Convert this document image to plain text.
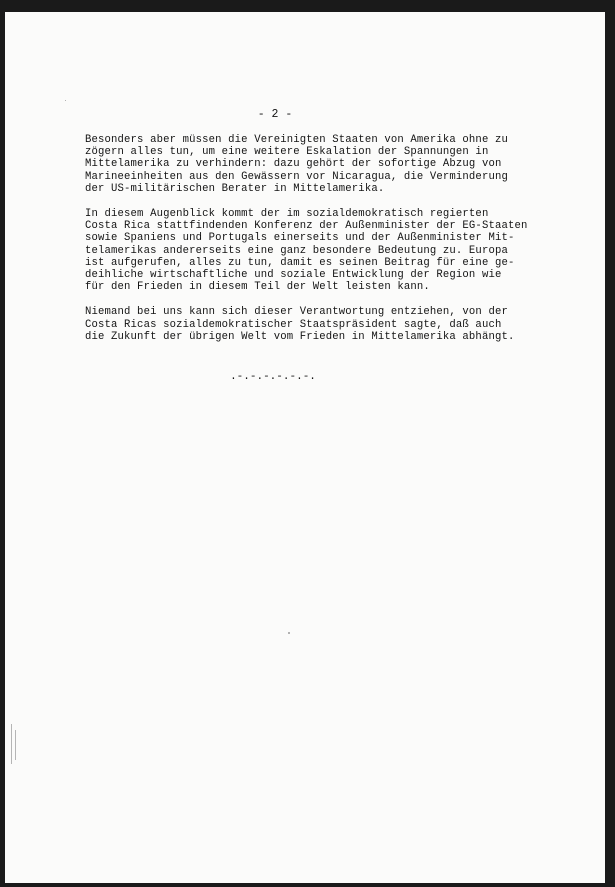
- 2 -

Besonders aber müssen die Vereinigten Staaten von Amerika ohne zu
zögern alles tun, um eine weitere Eskalation der Spannungen in
Mittelamerika zu verhindern: dazu gehört der sofortige Abzug von
Marineeinheiten aus den Gewässern vor Nicaragua, die Verminderung
der US-militärischen Berater in Mittelamerika.

In diesem Augenblick kommt der im sozialdemokratisch regierten
Costa Rica stattfindenden Konferenz der Außenminister der EG-Staaten
sowie Spaniens und Portugals einerseits und der Außenminister Mit-
telamerikas andererseits eine ganz besondere Bedeutung zu. Europa
ist aufgerufen, alles zu tun, damit es seinen Beitrag für eine ge-
deihliche wirtschaftliche und soziale Entwicklung der Region wie
für den Frieden in diesem Teil der Welt leisten kann.

Niemand bei uns kann sich dieser Verantwortung entziehen, von der
Costa Ricas sozialdemokratischer Staatspräsident sagte, daß auch
die Zukunft der übrigen Welt vom Frieden in Mittelamerika abhängt.

.-.-.-.-.-.-.
